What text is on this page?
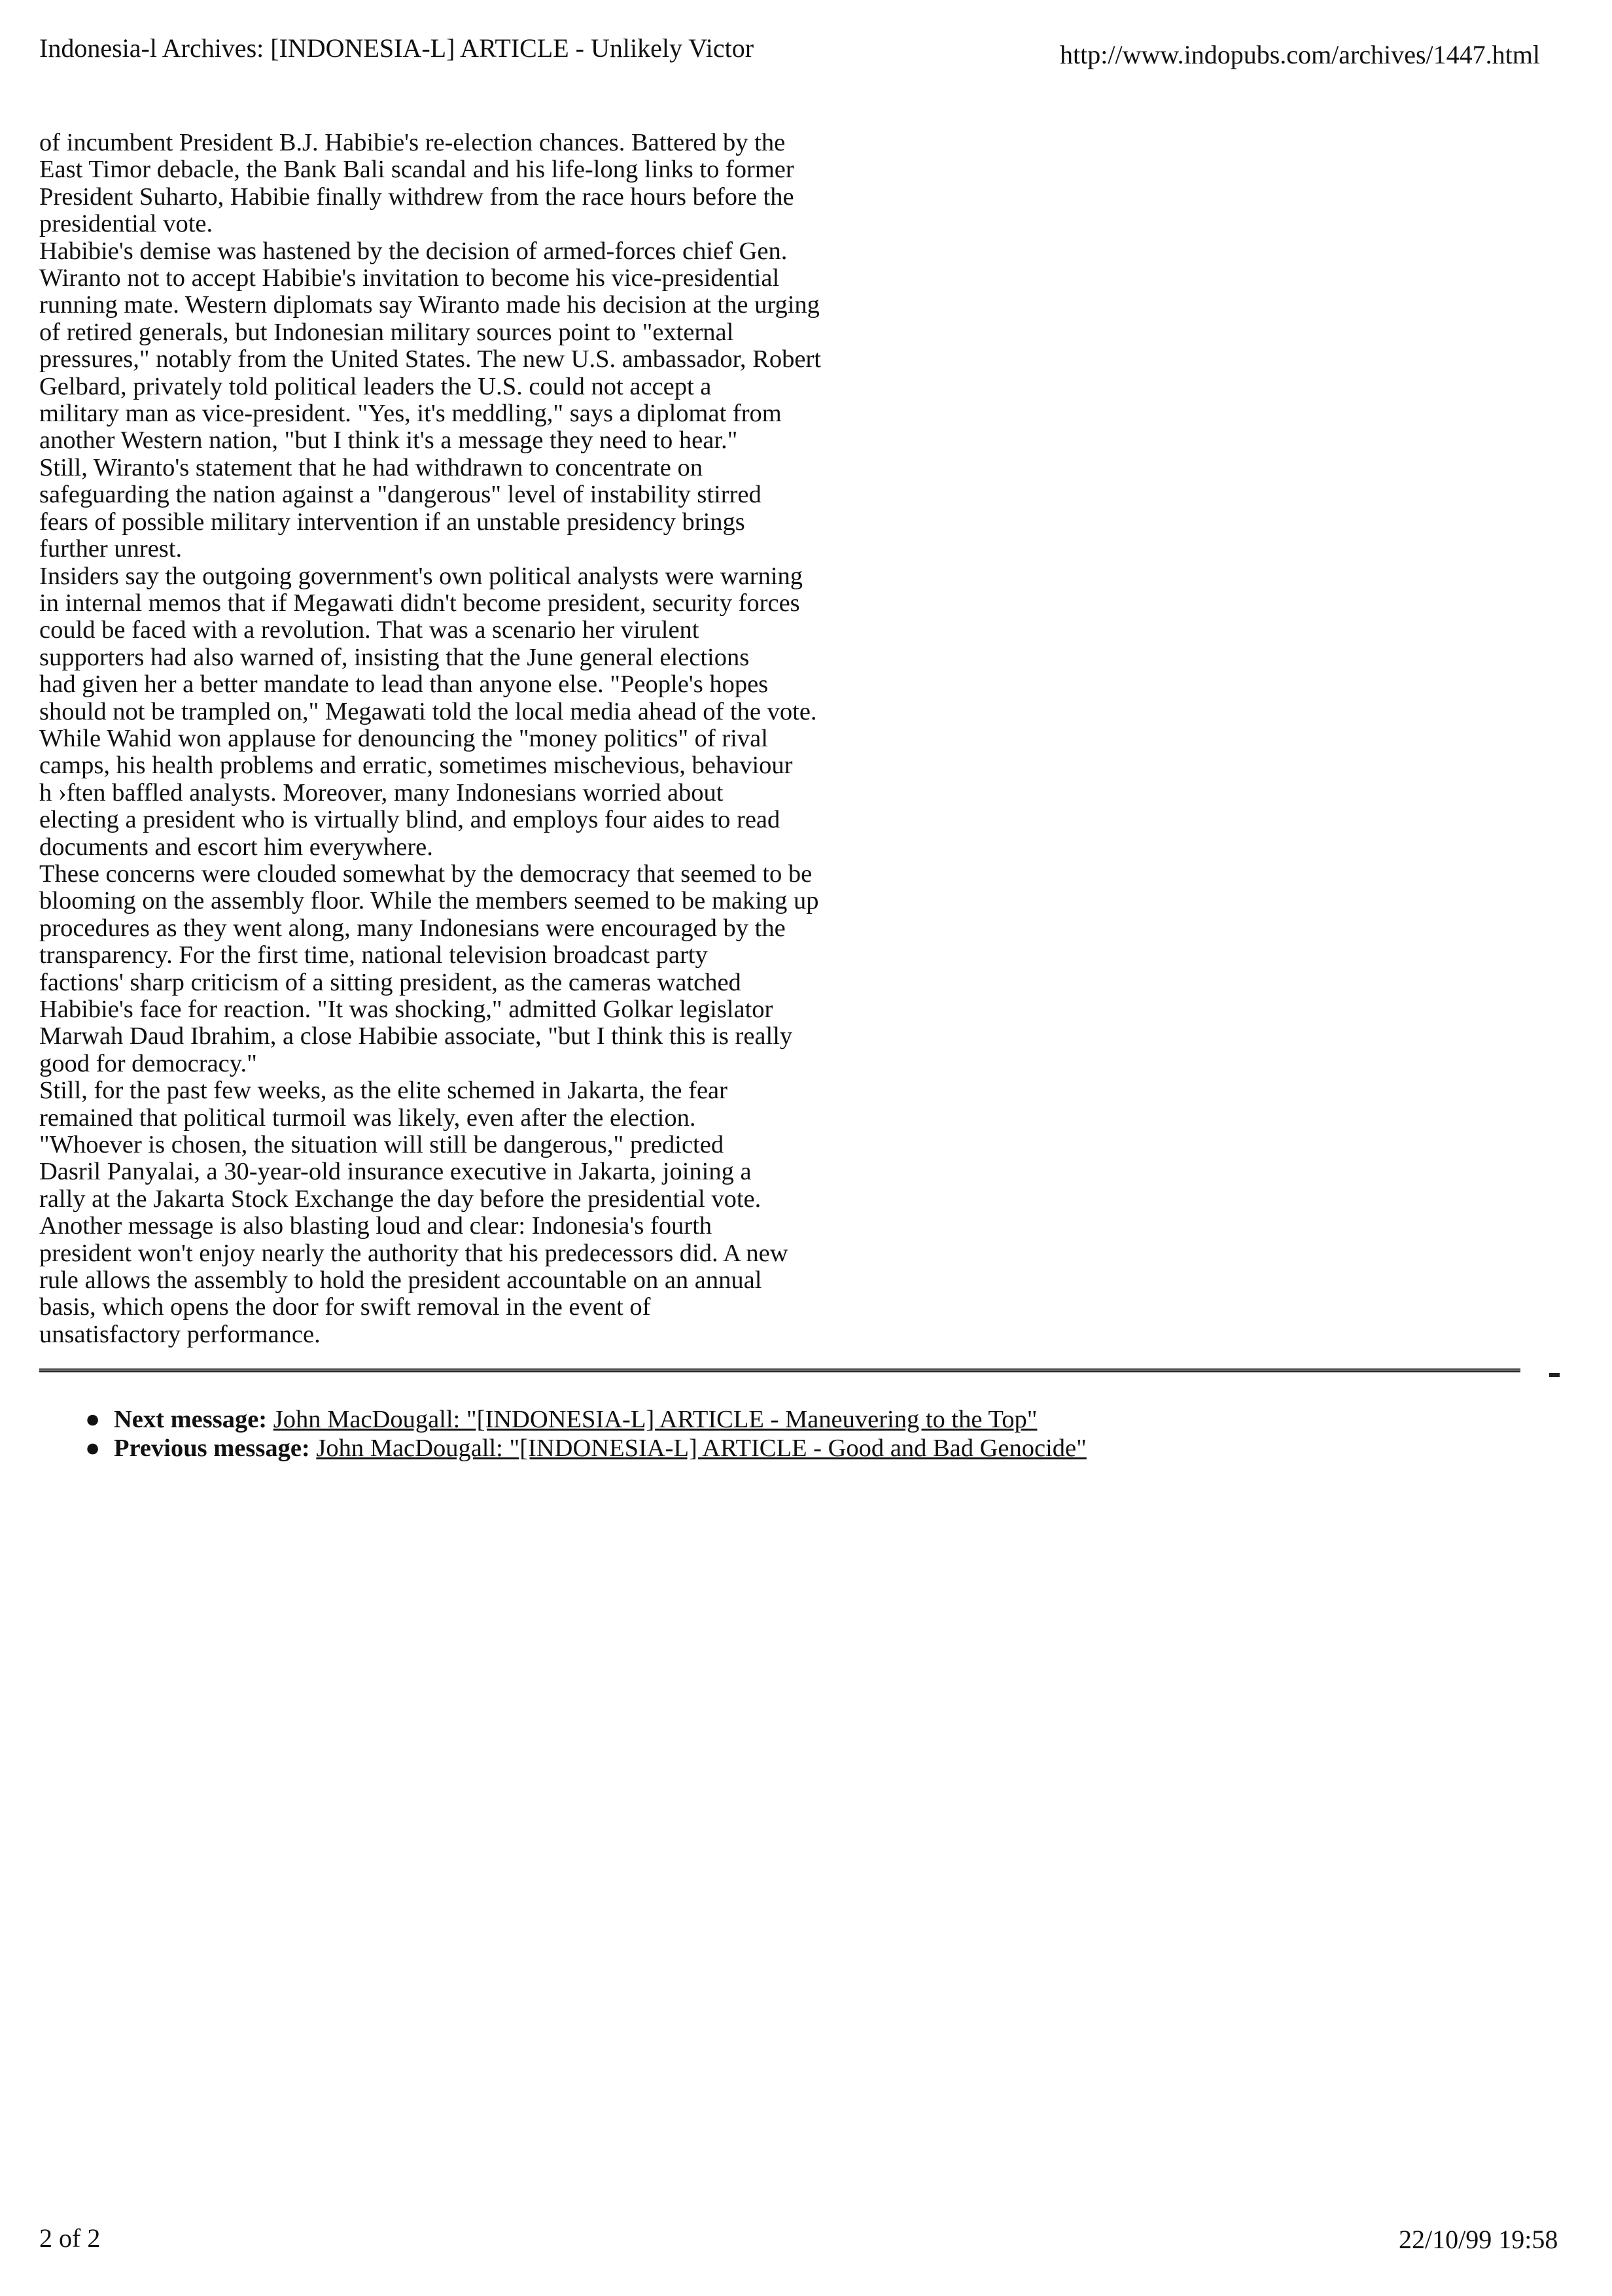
Indonesia-l Archives: [INDONESIA-L] ARTICLE - Unlikely Victor	http://www.indopubs.com/archives/1447.html
of incumbent President B.J. Habibie's re-election chances. Battered by the
East Timor debacle, the Bank Bali scandal and his life-long links to former
President Suharto, Habibie finally withdrew from the race hours before the
presidential vote.
Habibie's demise was hastened by the decision of armed-forces chief Gen.
Wiranto not to accept Habibie's invitation to become his vice-presidential
running mate. Western diplomats say Wiranto made his decision at the urging
of retired generals, but Indonesian military sources point to "external
pressures," notably from the United States. The new U.S. ambassador, Robert
Gelbard, privately told political leaders the U.S. could not accept a
military man as vice-president. "Yes, it's meddling," says a diplomat from
another Western nation, "but I think it's a message they need to hear."
Still, Wiranto's statement that he had withdrawn to concentrate on
safeguarding the nation against a "dangerous" level of instability stirred
fears of possible military intervention if an unstable presidency brings
further unrest.
Insiders say the outgoing government's own political analysts were warning
in internal memos that if Megawati didn't become president, security forces
could be faced with a revolution. That was a scenario her virulent
supporters had also warned of, insisting that the June general elections
had given her a better mandate to lead than anyone else. "People's hopes
should not be trampled on," Megawati told the local media ahead of the vote.
While Wahid won applause for denouncing the "money politics" of rival
camps, his health problems and erratic, sometimes mischevious, behaviour
h ›ften baffled analysts. Moreover, many Indonesians worried about
electing a president who is virtually blind, and employs four aides to read
documents and escort him everywhere.
These concerns were clouded somewhat by the democracy that seemed to be
blooming on the assembly floor. While the members seemed to be making up
procedures as they went along, many Indonesians were encouraged by the
transparency. For the first time, national television broadcast party
factions' sharp criticism of a sitting president, as the cameras watched
Habibie's face for reaction. "It was shocking," admitted Golkar legislator
Marwah Daud Ibrahim, a close Habibie associate, "but I think this is really
good for democracy."
Still, for the past few weeks, as the elite schemed in Jakarta, the fear
remained that political turmoil was likely, even after the election.
"Whoever is chosen, the situation will still be dangerous," predicted
Dasril Panyalai, a 30-year-old insurance executive in Jakarta, joining a
rally at the Jakarta Stock Exchange the day before the presidential vote.
Another message is also blasting loud and clear: Indonesia's fourth
president won't enjoy nearly the authority that his predecessors did. A new
rule allows the assembly to hold the president accountable on an annual
basis, which opens the door for swift removal in the event of
unsatisfactory performance.
● Next message: John MacDougall: "[INDONESIA-L] ARTICLE - Maneuvering to the Top"
● Previous message: John MacDougall: "[INDONESIA-L] ARTICLE - Good and Bad Genocide"
2 of 2	22/10/99 19:58
